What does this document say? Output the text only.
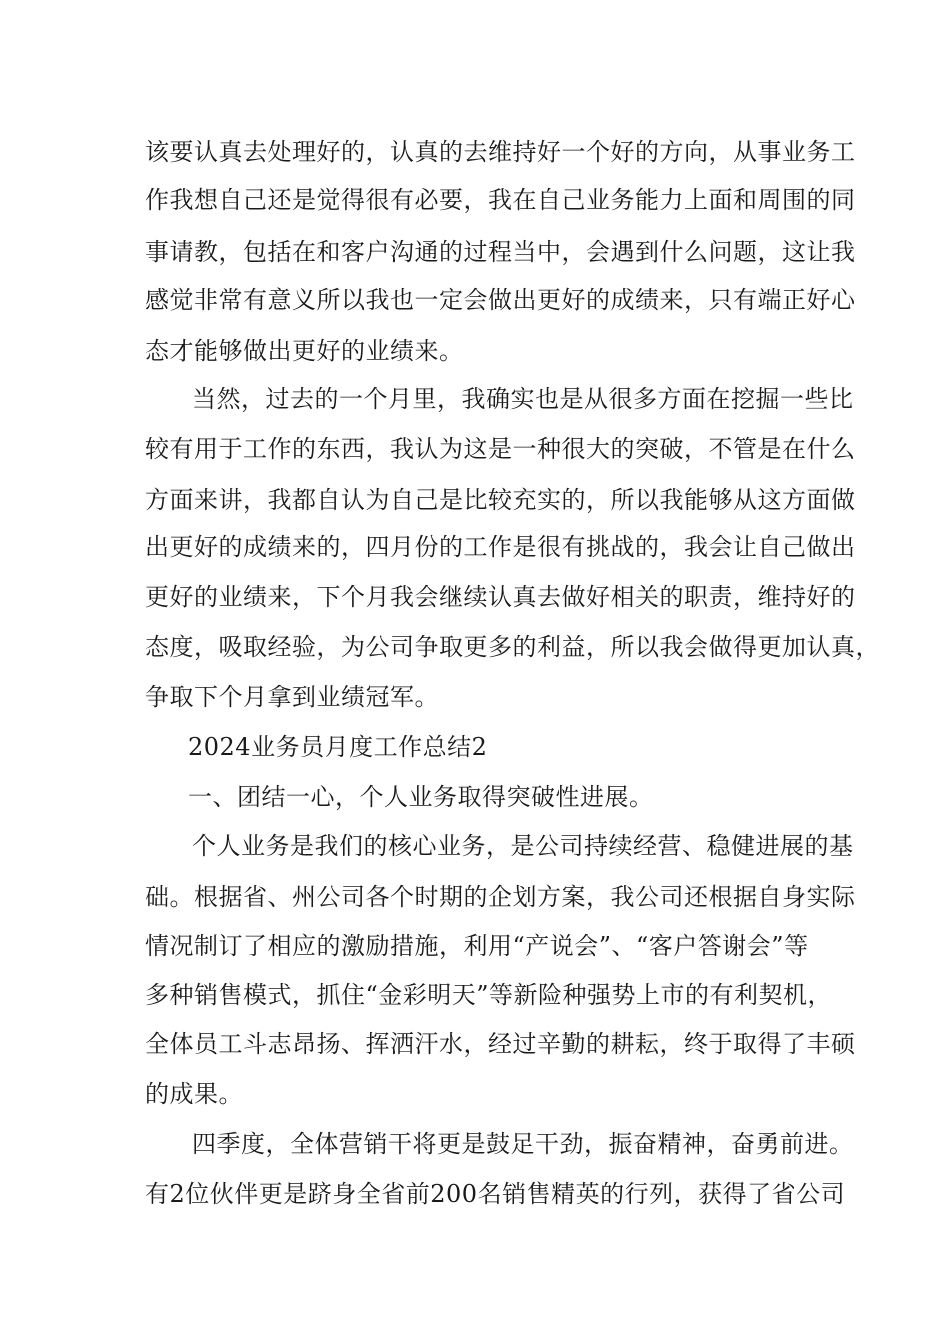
该要认真去处理好的，认真的去维持好一个好的方向，从事业务工
作我想自己还是觉得很有必要，我在自己业务能力上面和周围的同
事请教，包括在和客户沟通的过程当中，会遇到什么问题，这让我
感觉非常有意义所以我也一定会做出更好的成绩来，只有端正好心
态才能够做出更好的业绩来。
当然，过去的一个月里，我确实也是从很多方面在挖掘一些比
较有用于工作的东西，我认为这是一种很大的突破，不管是在什么
方面来讲，我都自认为自己是比较充实的，所以我能够从这方面做
出更好的成绩来的，四月份的工作是很有挑战的，我会让自己做出
更好的业绩来，下个月我会继续认真去做好相关的职责，维持好的
态度，吸取经验，为公司争取更多的利益，所以我会做得更加认真，
争取下个月拿到业绩冠军。
2024业务员月度工作总结2
一、团结一心，个人业务取得突破性进展。
个人业务是我们的核心业务，是公司持续经营、稳健进展的基
础。根据省、州公司各个时期的企划方案，我公司还根据自身实际
情况制订了相应的激励措施，利用“产说会”、“客户答谢会”等
多种销售模式，抓住“金彩明天”等新险种强势上市的有利契机，
全体员工斗志昂扬、挥洒汗水，经过辛勤的耕耘，终于取得了丰硕
的成果。
四季度，全体营销干将更是鼓足干劲，振奋精神，奋勇前进。
有2位伙伴更是跻身全省前200名销售精英的行列，获得了省公司
